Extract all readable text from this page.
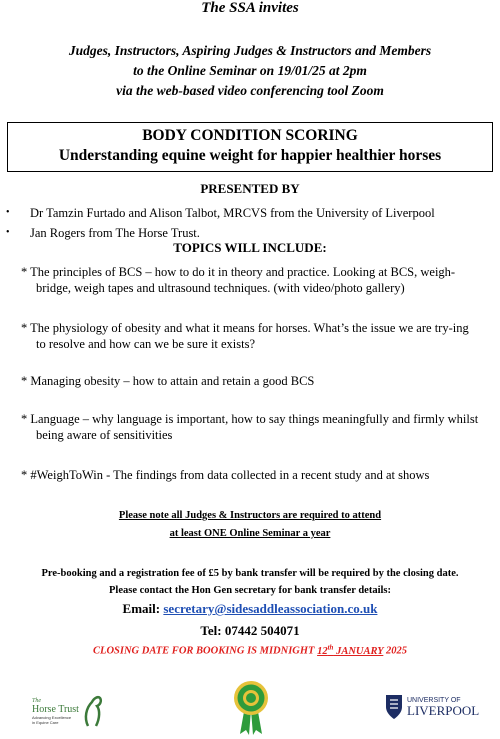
The SSA invites
Judges, Instructors, Aspiring Judges & Instructors and Members
to the Online Seminar on 19/01/25 at 2pm
via the web-based video conferencing tool Zoom
BODY CONDITION SCORING
Understanding equine weight for happier healthier horses
PRESENTED BY
• Dr Tamzin Furtado and Alison Talbot, MRCVS from the University of Liverpool
• Jan Rogers from The Horse Trust.
TOPICS WILL INCLUDE:
* The principles of BCS – how to do it in theory and practice. Looking at BCS, weigh-bridge, weigh tapes and ultrasound techniques. (with video/photo gallery)
* The physiology of obesity and what it means for horses. What’s the issue we are try-ing to resolve and how can we be sure it exists?
* Managing obesity – how to attain and retain a good BCS
* Language – why language is important, how to say things meaningfully and firmly whilst being aware of sensitivities
* #WeighToWin - The findings from data collected in a recent study and at shows
Please note all Judges & Instructors are required to attend
at least ONE Online Seminar a year
Pre-booking and a registration fee of £5 by bank transfer will be required by the closing date.
Please contact the Hon Gen secretary for bank transfer details:
Email: secretary@sidesaddleassociation.co.uk
Tel: 07442 504071
CLOSING DATE FOR BOOKING IS MIDNIGHT 12th JANUARY 2025
The
Horse Trust
Advancing Excellence
in Equine Care
UNIVERSITY OF
LIVERPOOL
